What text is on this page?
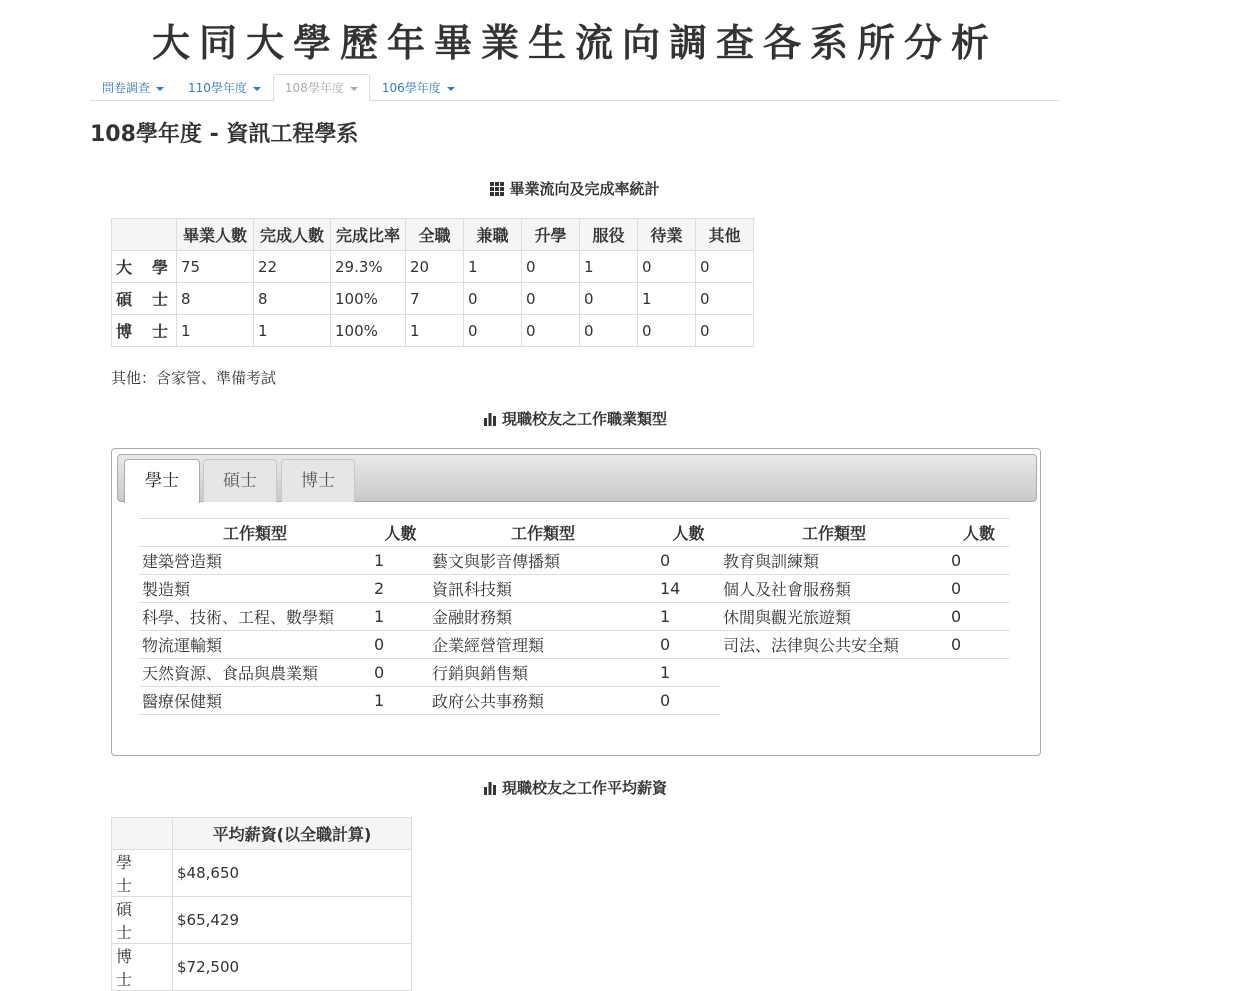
大同大學歷年畢業生流向調查各系所分析
問卷調查	110學年度	108學年度	106學年度
108學年度 - 資訊工程學系
畢業流向及完成率統計
	畢業人數	完成人數	完成比率	全職	兼職	升學	服役	待業	其他
大　學	75	22	29.3%	20	1	0	1	0	0
碩　士	8	8	100%	7	0	0	0	1	0
博　士	1	1	100%	1	0	0	0	0	0
其他：含家管、準備考試
現職校友之工作職業類型
學士	碩士	博士
工作類型	人數
建築營造類	1
製造類	2
科學、技術、工程、數學類	1
物流運輸類	0
天然資源、食品與農業類	0
醫療保健類	1
工作類型	人數
藝文與影音傳播類	0
資訊科技類	14
金融財務類	1
企業經營管理類	0
行銷與銷售類	1
政府公共事務類	0
工作類型	人數
教育與訓練類	0
個人及社會服務類	0
休閒與觀光旅遊類	0
司法、法律與公共安全類	0
現職校友之工作平均薪資
	平均薪資(以全職計算)
學　士	$48,650
碩　士	$65,429
博　士	$72,500
